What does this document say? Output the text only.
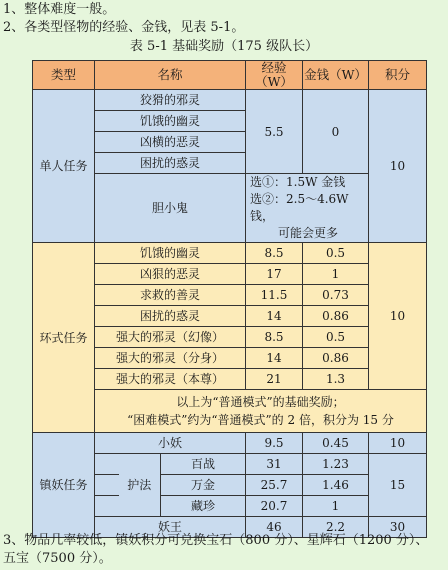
1、整体难度一般。
2、各类型怪物的经验、金钱，见表 5-1。
表 5-1 基础奖励（175 级队长）
类型	名称			经验（W）	金钱（W）	积分
单人任务	狡猾的邪灵			5.5	0	10
	饥饿的幽灵					
	凶横的恶灵					
	困扰的惑灵					
	胆小鬼			选①：1.5W 金钱
选②：2.5～4.6W 钱，
可能会更多		

环式任务	饥饿的幽灵			8.5	0.5	10
	凶狠的恶灵			17	1	
	求救的善灵			11.5	0.73	
	困扰的惑灵			14	0.86	
	强大的邪灵（幻像）			8.5	0.5	
	强大的邪灵（分身）			14	0.86	
	强大的邪灵（本尊）			21	1.3	

	以上为“普通模式”的基础奖励；
“困难模式”约为“普通模式”的 2 倍，积分为 15 分					

镇妖任务	小妖			9.5	0.45	10
		护法	百战	31	1.23	15
			万金	25.7	1.46	
			藏珍	20.7	1	
	妖王			46	2.2	30
3、物品几率较低，镇妖积分可兑换宝石（800 分）、星辉石（1200 分）、
五宝（7500 分）。
